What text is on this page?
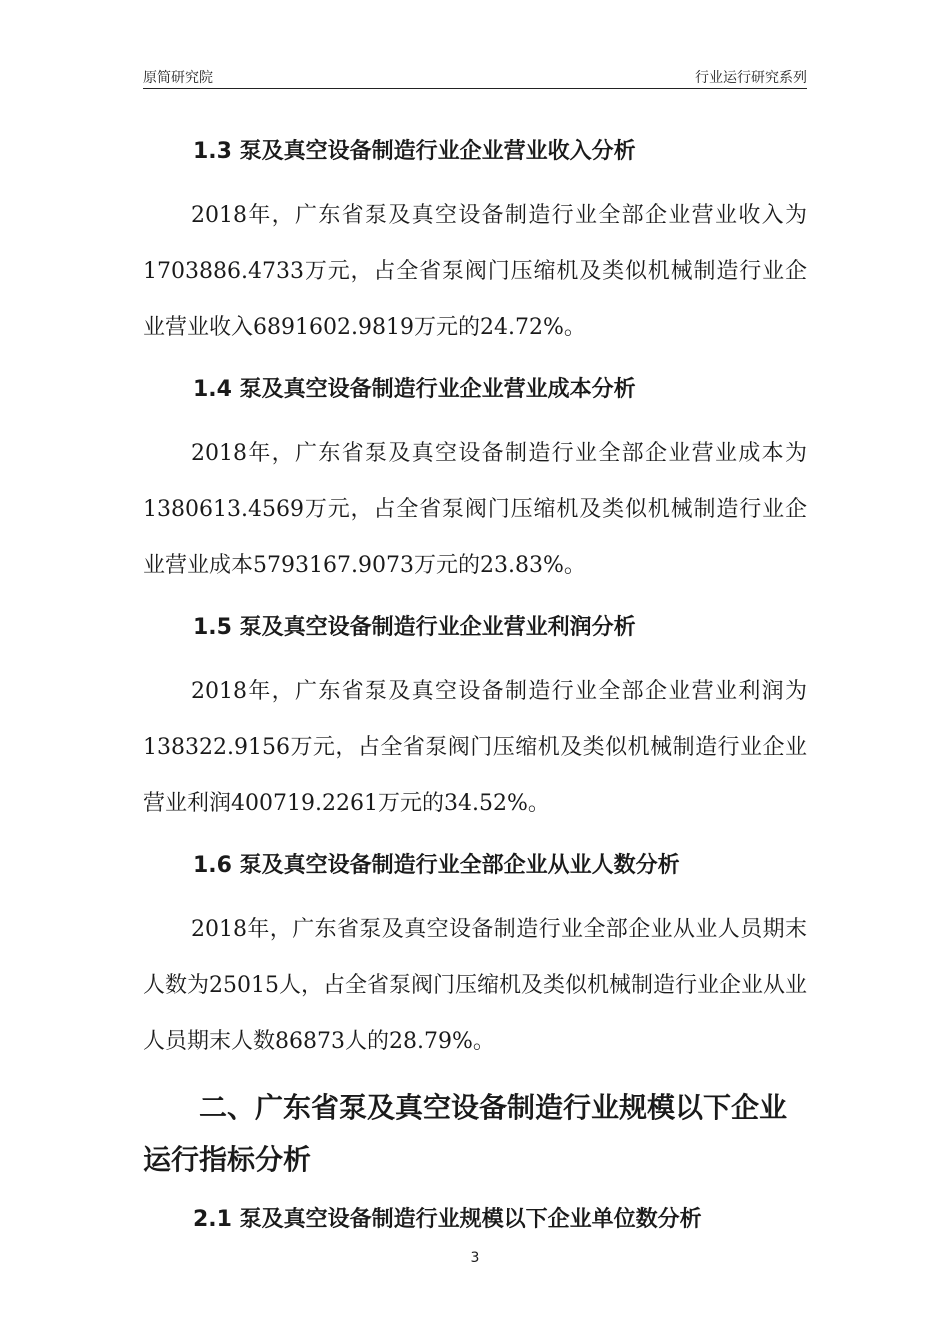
原简研究院	行业运行研究系列
1.3 泵及真空设备制造行业企业营业收入分析

2018年，广东省泵及真空设备制造行业全部企业营业收入为1703886.4733万元，占全省泵阀门压缩机及类似机械制造行业企业营业收入6891602.9819万元的24.72%。

1.4 泵及真空设备制造行业企业营业成本分析

2018年，广东省泵及真空设备制造行业全部企业营业成本为1380613.4569万元，占全省泵阀门压缩机及类似机械制造行业企业营业成本5793167.9073万元的23.83%。

1.5 泵及真空设备制造行业企业营业利润分析

2018年，广东省泵及真空设备制造行业全部企业营业利润为138322.9156万元，占全省泵阀门压缩机及类似机械制造行业企业营业利润400719.2261万元的34.52%。

1.6 泵及真空设备制造行业全部企业从业人数分析

2018年，广东省泵及真空设备制造行业全部企业从业人员期末人数为25015人，占全省泵阀门压缩机及类似机械制造行业企业从业人员期末人数86873人的28.79%。

二、广东省泵及真空设备制造行业规模以下企业运行指标分析
2.1 泵及真空设备制造行业规模以下企业单位数分析
3
